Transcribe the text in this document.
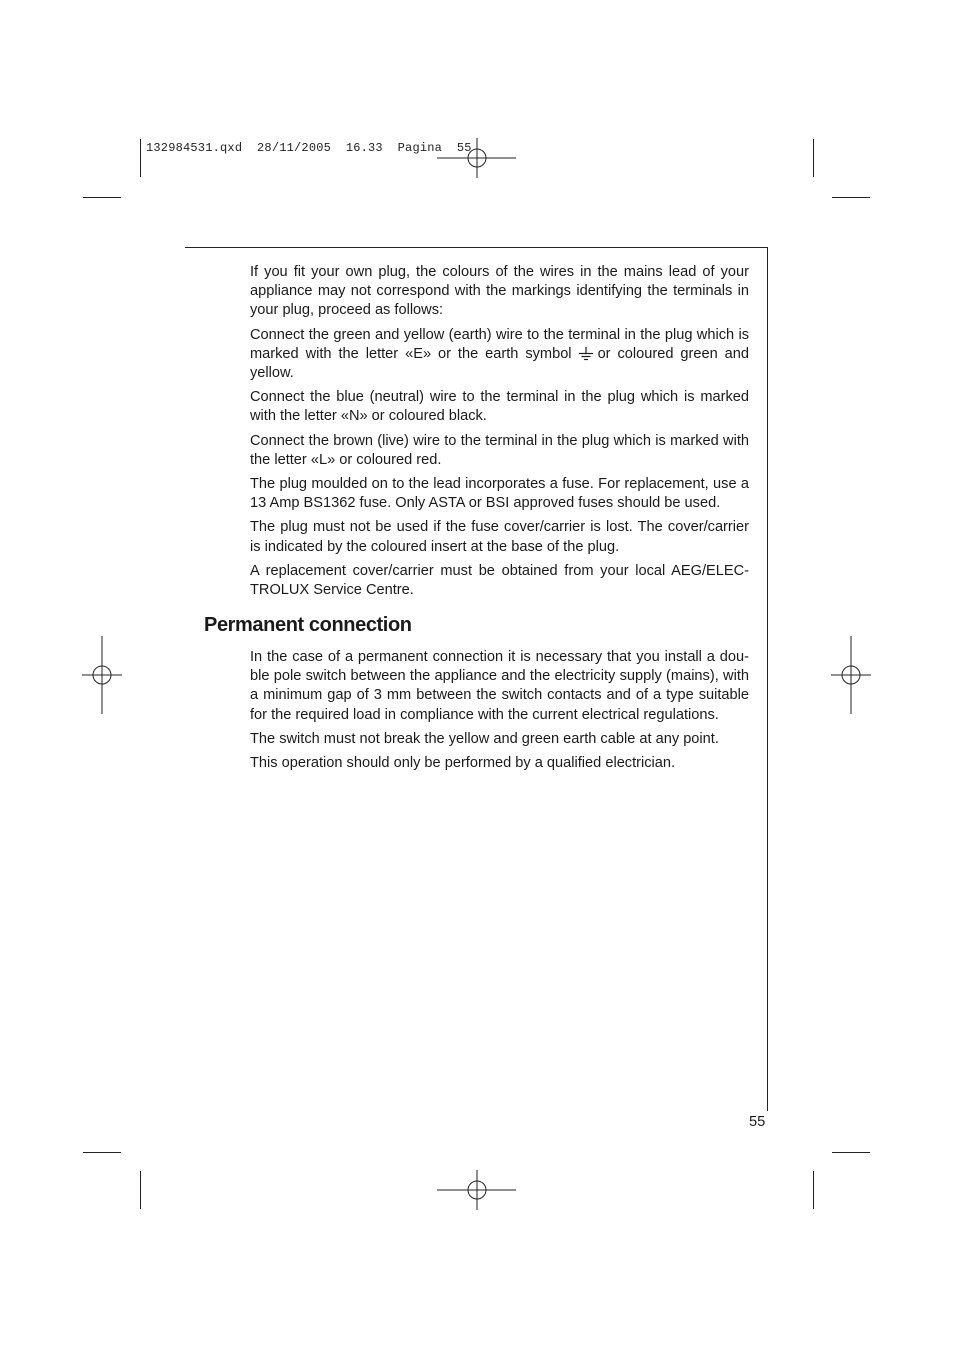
132984531.qxd  28/11/2005  16.33  Pagina  55

If you fit your own plug, the colours of the wires in the mains lead of your appliance may not correspond with the markings identifying the terminals in your plug, proceed as follows:

Connect the green and yellow (earth) wire to the terminal in the plug which is marked with the letter «E» or the earth symbol or coloured green and yellow.

Connect the blue (neutral) wire to the terminal in the plug which is marked with the letter «N» or coloured black.

Connect the brown (live) wire to the terminal in the plug which is marked with the letter «L» or coloured red.

The plug moulded on to the lead incorporates a fuse. For replacement, use a 13 Amp BS1362 fuse. Only ASTA or BSI approved fuses should be used.

The plug must not be used if the fuse cover/carrier is lost. The cover/carrier is indicated by the coloured insert at the base of the plug.

A replacement cover/carrier must be obtained from your local AEG/ELEC-TROLUX Service Centre.

Permanent connection

In the case of a permanent connection it is necessary that you install a dou-ble pole switch between the appliance and the electricity supply (mains), with a minimum gap of 3 mm between the switch contacts and of a type suitable for the required load in compliance with the current electrical regulations.

The switch must not break the yellow and green earth cable at any point.

This operation should only be performed by a qualified electrician.

55
